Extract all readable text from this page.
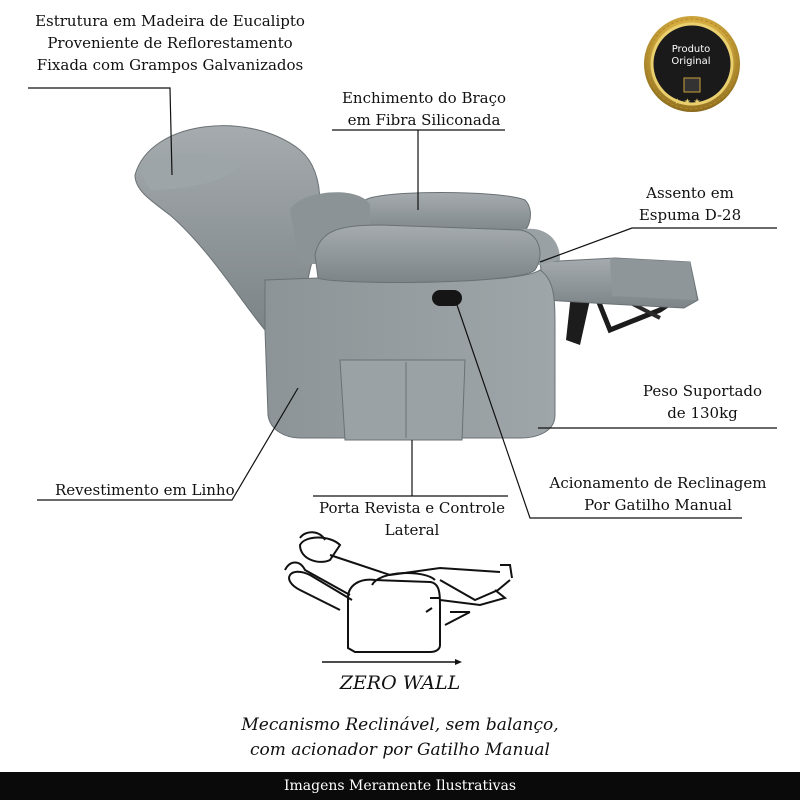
★ ★ ★
Produto
Original
Estrutura em Madeira de Eucalipto
Proveniente de Reflorestamento
Fixada com Grampos Galvanizados
Enchimento do Braço
em Fibra Siliconada
Assento em
Espuma D-28
Peso Suportado
de 130kg
Acionamento de Reclinagem
Por Gatilho Manual
Revestimento em Linho
Porta Revista e Controle
Lateral
ZERO WALL
Mecanismo Reclinável, sem balanço,
com acionador por Gatilho Manual
Imagens Meramente Ilustrativas
